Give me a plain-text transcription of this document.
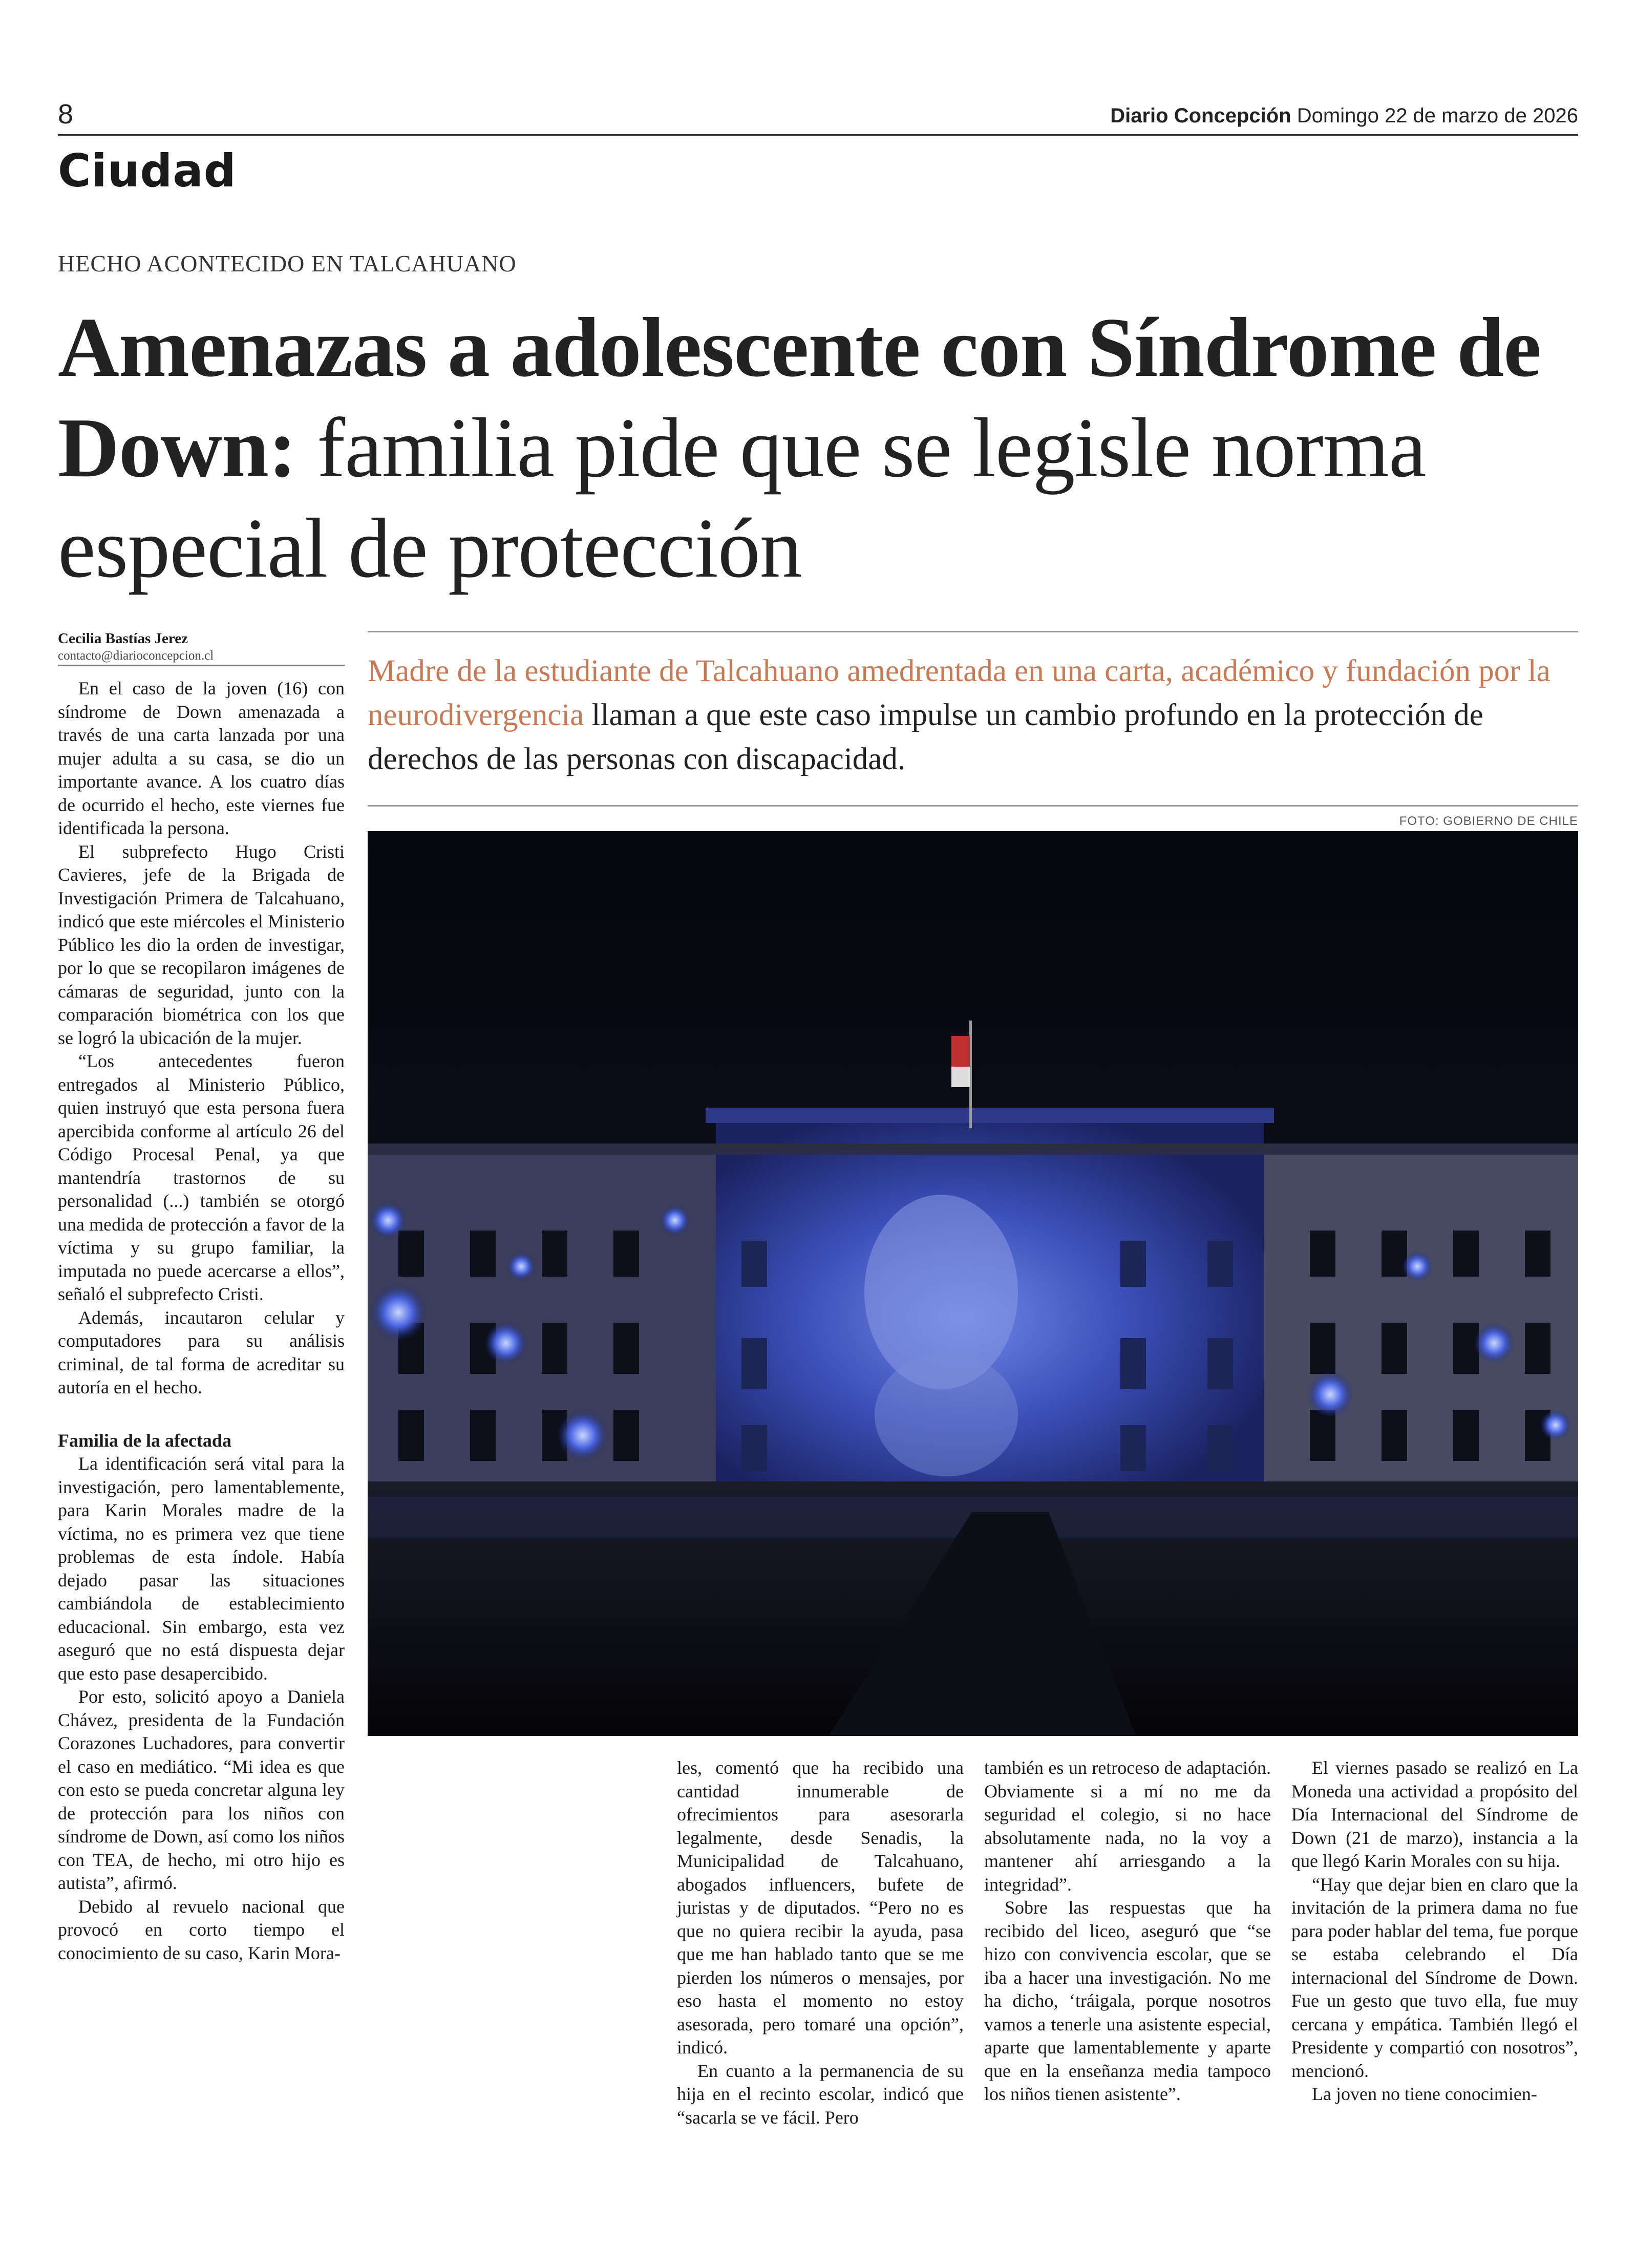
8	Diario Concepción Domingo 22 de marzo de 2026
Ciudad
HECHO ACONTECIDO EN TALCAHUANO
Amenazas a adolescente con Síndrome de Down: familia pide que se legisle norma especial de protección
Cecilia Bastías Jerez
contacto@diarioconcepcion.cl	Madre de la estudiante de Talcahuano amedrentada en una carta, académico y fundación por la neurodivergencia llaman a que este caso impulse un cambio profundo en la protección de derechos de las personas con discapacidad.
FOTO: GOBIERNO DE CHILE

En el caso de la joven (16) con síndrome de Down amenazada a través de una carta lanzada por una mujer adulta a su casa, se dio un importante avance. A los cuatro días de ocurrido el hecho, este viernes fue identificada la persona.

El subprefecto Hugo Cristi Cavieres, jefe de la Brigada de Investigación Primera de Talcahuano, indicó que este miércoles el Ministerio Público les dio la orden de investigar, por lo que se recopilaron imágenes de cámaras de seguridad, junto con la comparación biométrica con los que se logró la ubicación de la mujer.

“Los antecedentes fueron entregados al Ministerio Público, quien instruyó que esta persona fuera apercibida conforme al artículo 26 del Código Procesal Penal, ya que mantendría trastornos de su personalidad (...) también se otorgó una medida de protección a favor de la víctima y su grupo familiar, la imputada no puede acercarse a ellos”, señaló el subprefecto Cristi.

Además, incautaron celular y computadores para su análisis criminal, de tal forma de acreditar su autoría en el hecho.

Familia de la afectada

La identificación será vital para la investigación, pero lamentablemente, para Karin Morales madre de la víctima, no es primera vez que tiene problemas de esta índole. Había dejado pasar las situaciones cambiándola de establecimiento educacional. Sin embargo, esta vez aseguró que no está dispuesta dejar que esto pase desapercibido.

Por esto, solicitó apoyo a Daniela Chávez, presidenta de la Fundación Corazones Luchadores, para convertir el caso en mediático. “Mi idea es que con esto se pueda concretar alguna ley de protección para los niños con síndrome de Down, así como los niños con TEA, de hecho, mi otro hijo es autista”, afirmó.

Debido al revuelo nacional que provocó en corto tiempo el conocimiento de su caso, Karin Mora-

les, comentó que ha recibido una cantidad innumerable de ofrecimientos para asesorarla legalmente, desde Senadis, la Municipalidad de Talcahuano, abogados influencers, bufete de juristas y de diputados. “Pero no es que no quiera recibir la ayuda, pasa que me han hablado tanto que se me pierden los números o mensajes, por eso hasta el momento no estoy asesorada, pero tomaré una opción”, indicó.

En cuanto a la permanencia de su hija en el recinto escolar, indicó que “sacarla se ve fácil. Pero

también es un retroceso de adaptación. Obviamente si a mí no me da seguridad el colegio, si no hace absolutamente nada, no la voy a mantener ahí arriesgando a la integridad”.

Sobre las respuestas que ha recibido del liceo, aseguró que “se hizo con convivencia escolar, que se iba a hacer una investigación. No me ha dicho, ‘tráigala, porque nosotros vamos a tenerle una asistente especial, aparte que lamentablemente y aparte que en la enseñanza media tampoco los niños tienen asistente”.

El viernes pasado se realizó en La Moneda una actividad a propósito del Día Internacional del Síndrome de Down (21 de marzo), instancia a la que llegó Karin Morales con su hija.

“Hay que dejar bien en claro que la invitación de la primera dama no fue para poder hablar del tema, fue porque se estaba celebrando el Día internacional del Síndrome de Down. Fue un gesto que tuvo ella, fue muy cercana y empática. También llegó el Presidente y compartió con nosotros”, mencionó.

La joven no tiene conocimien-
